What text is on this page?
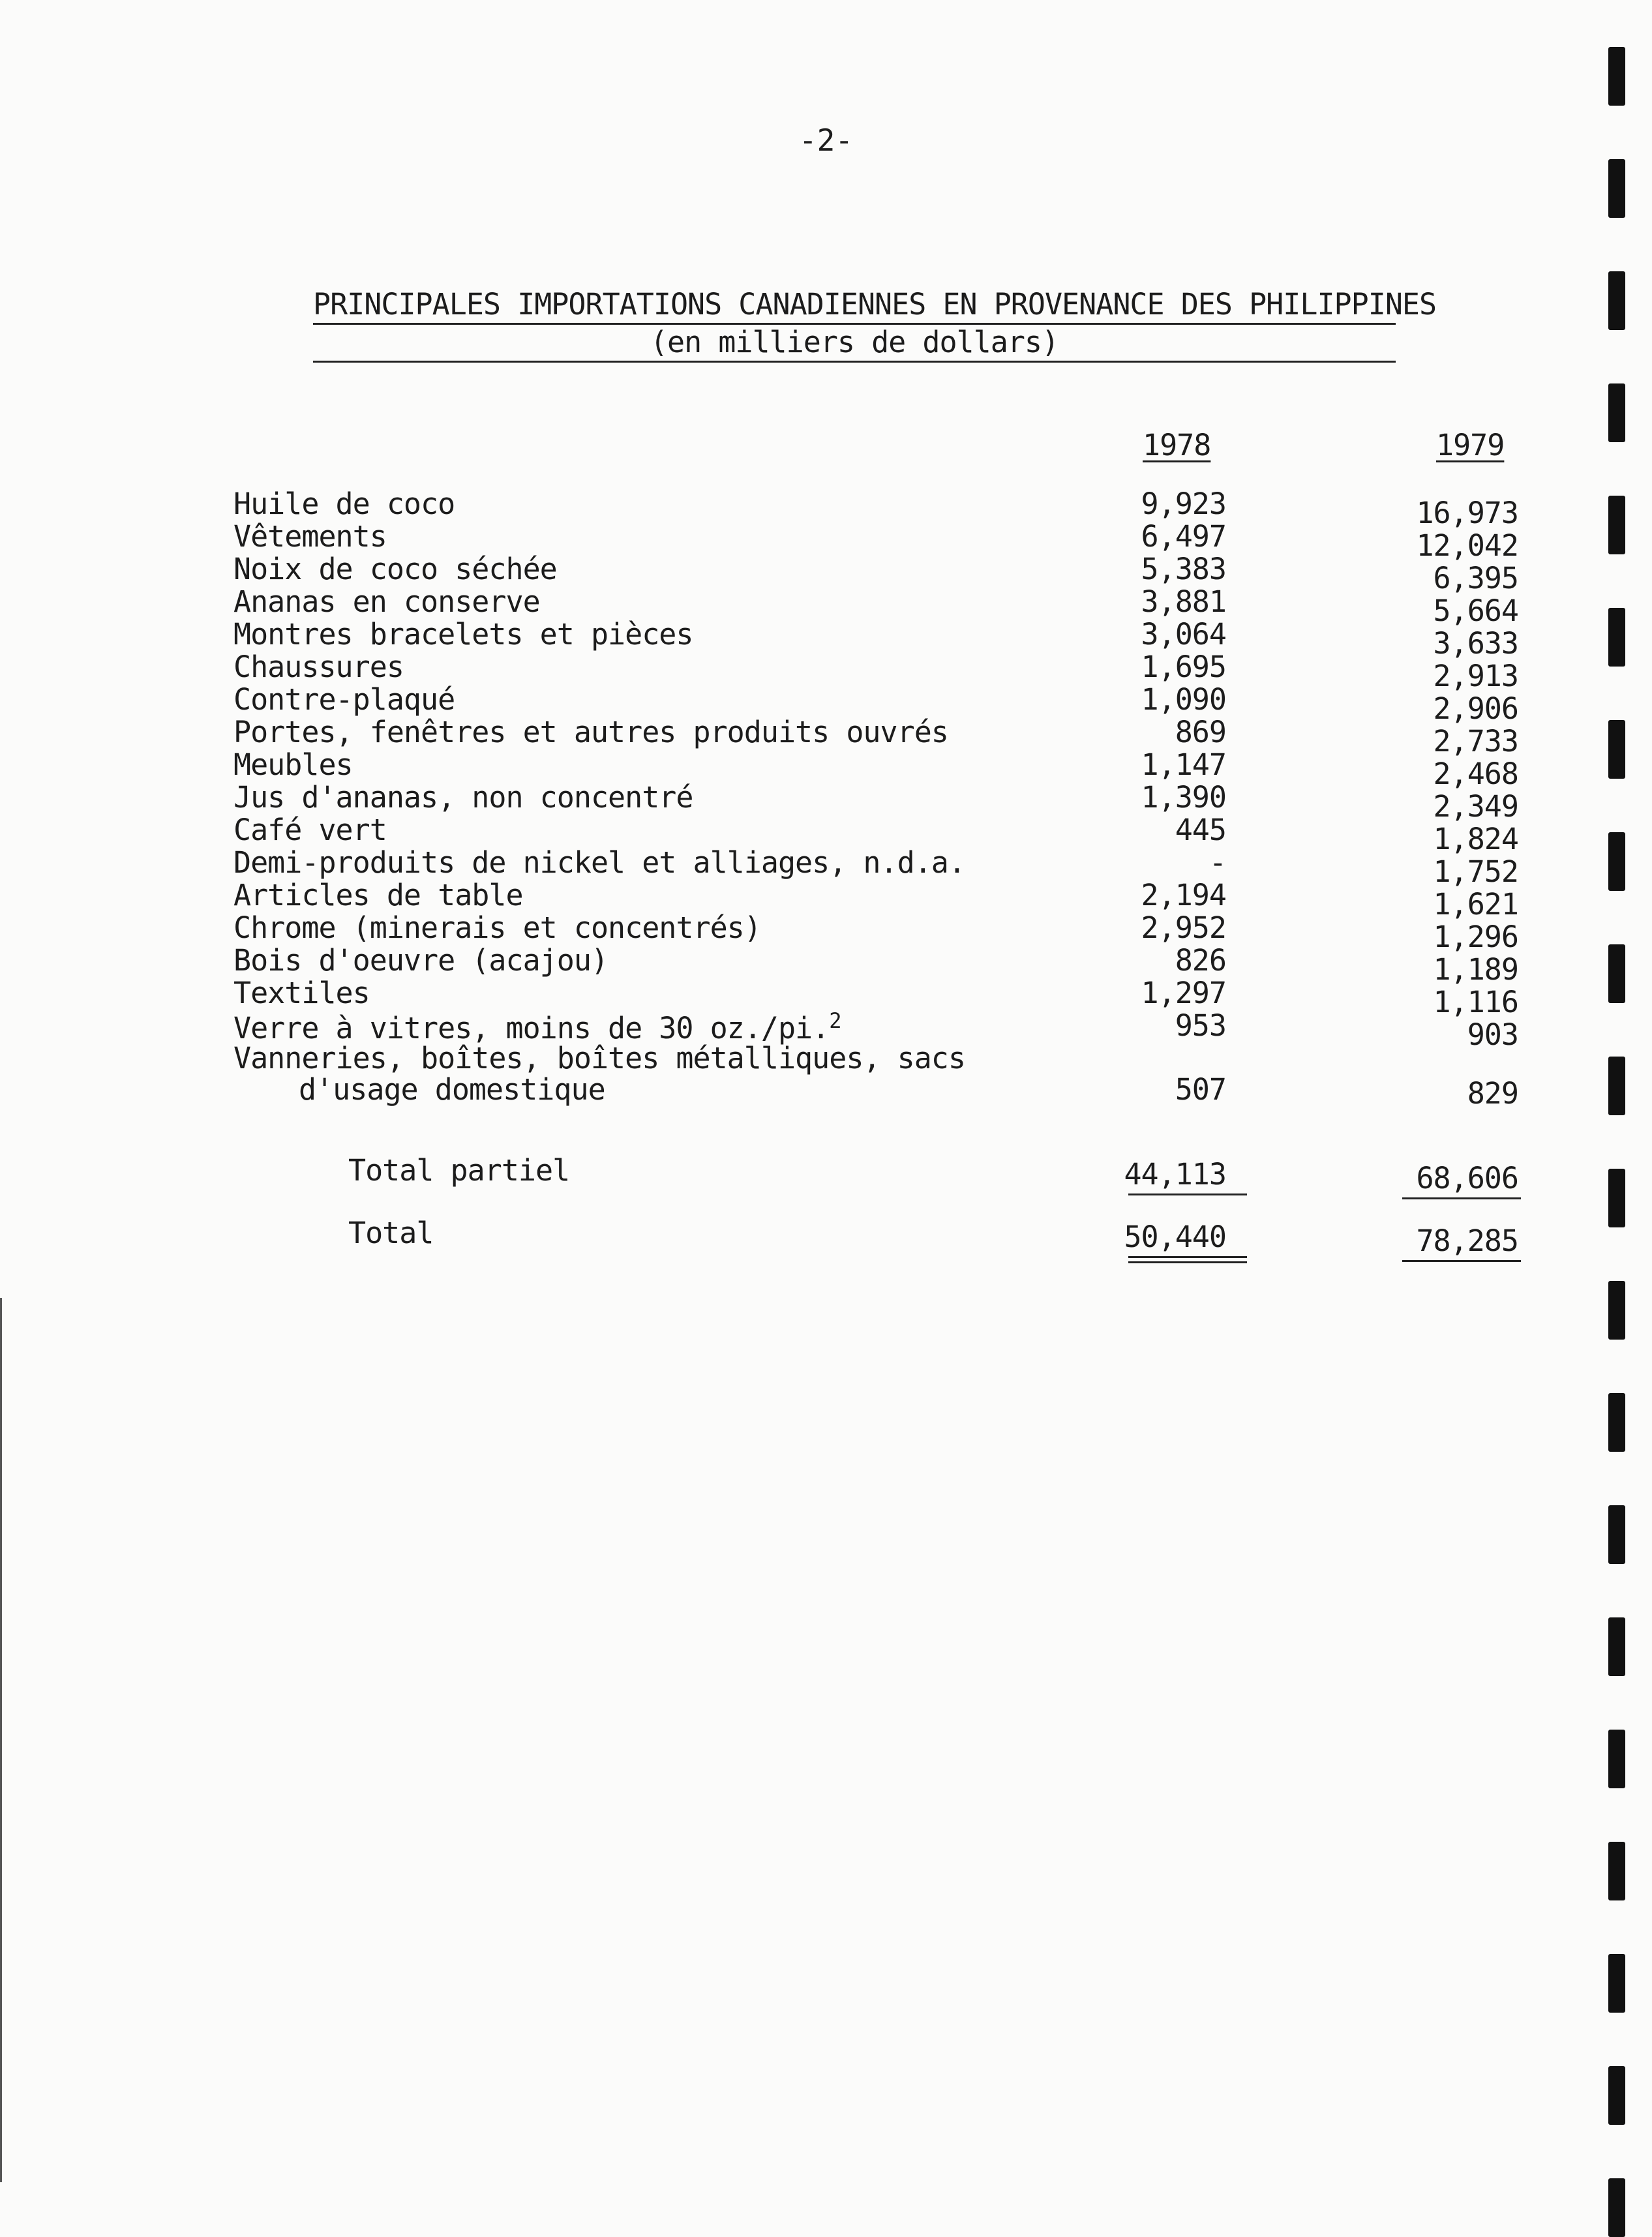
-2-
PRINCIPALES IMPORTATIONS CANADIENNES EN PROVENANCE DES PHILIPPINES
(en milliers de dollars)
1978	1979
Huile de coco	9,923	16,973
Vêtements	6,497	12,042
Noix de coco séchée	5,383	6,395
Ananas en conserve	3,881	5,664
Montres bracelets et pièces	3,064	3,633
Chaussures	1,695	2,913
Contre-plaqué	1,090	2,906
Portes, fenêtres et autres produits ouvrés	869	2,733
Meubles	1,147	2,468
Jus d'ananas, non concentré	1,390	2,349
Café vert	445	1,824
Demi-produits de nickel et alliages, n.d.a.	-	1,752
Articles de table	2,194	1,621
Chrome (minerais et concentrés)	2,952	1,296
Bois d'oeuvre (acajou)	826	1,189
Textiles	1,297	1,116
Verre à vitres, moins de 30 oz./pi.$^2$	953	903
Vanneries, boîtes, boîtes métalliques, sacs
d'usage domestique	507	829
Total partiel	44,113	68,606
Total	50,440	78,285
